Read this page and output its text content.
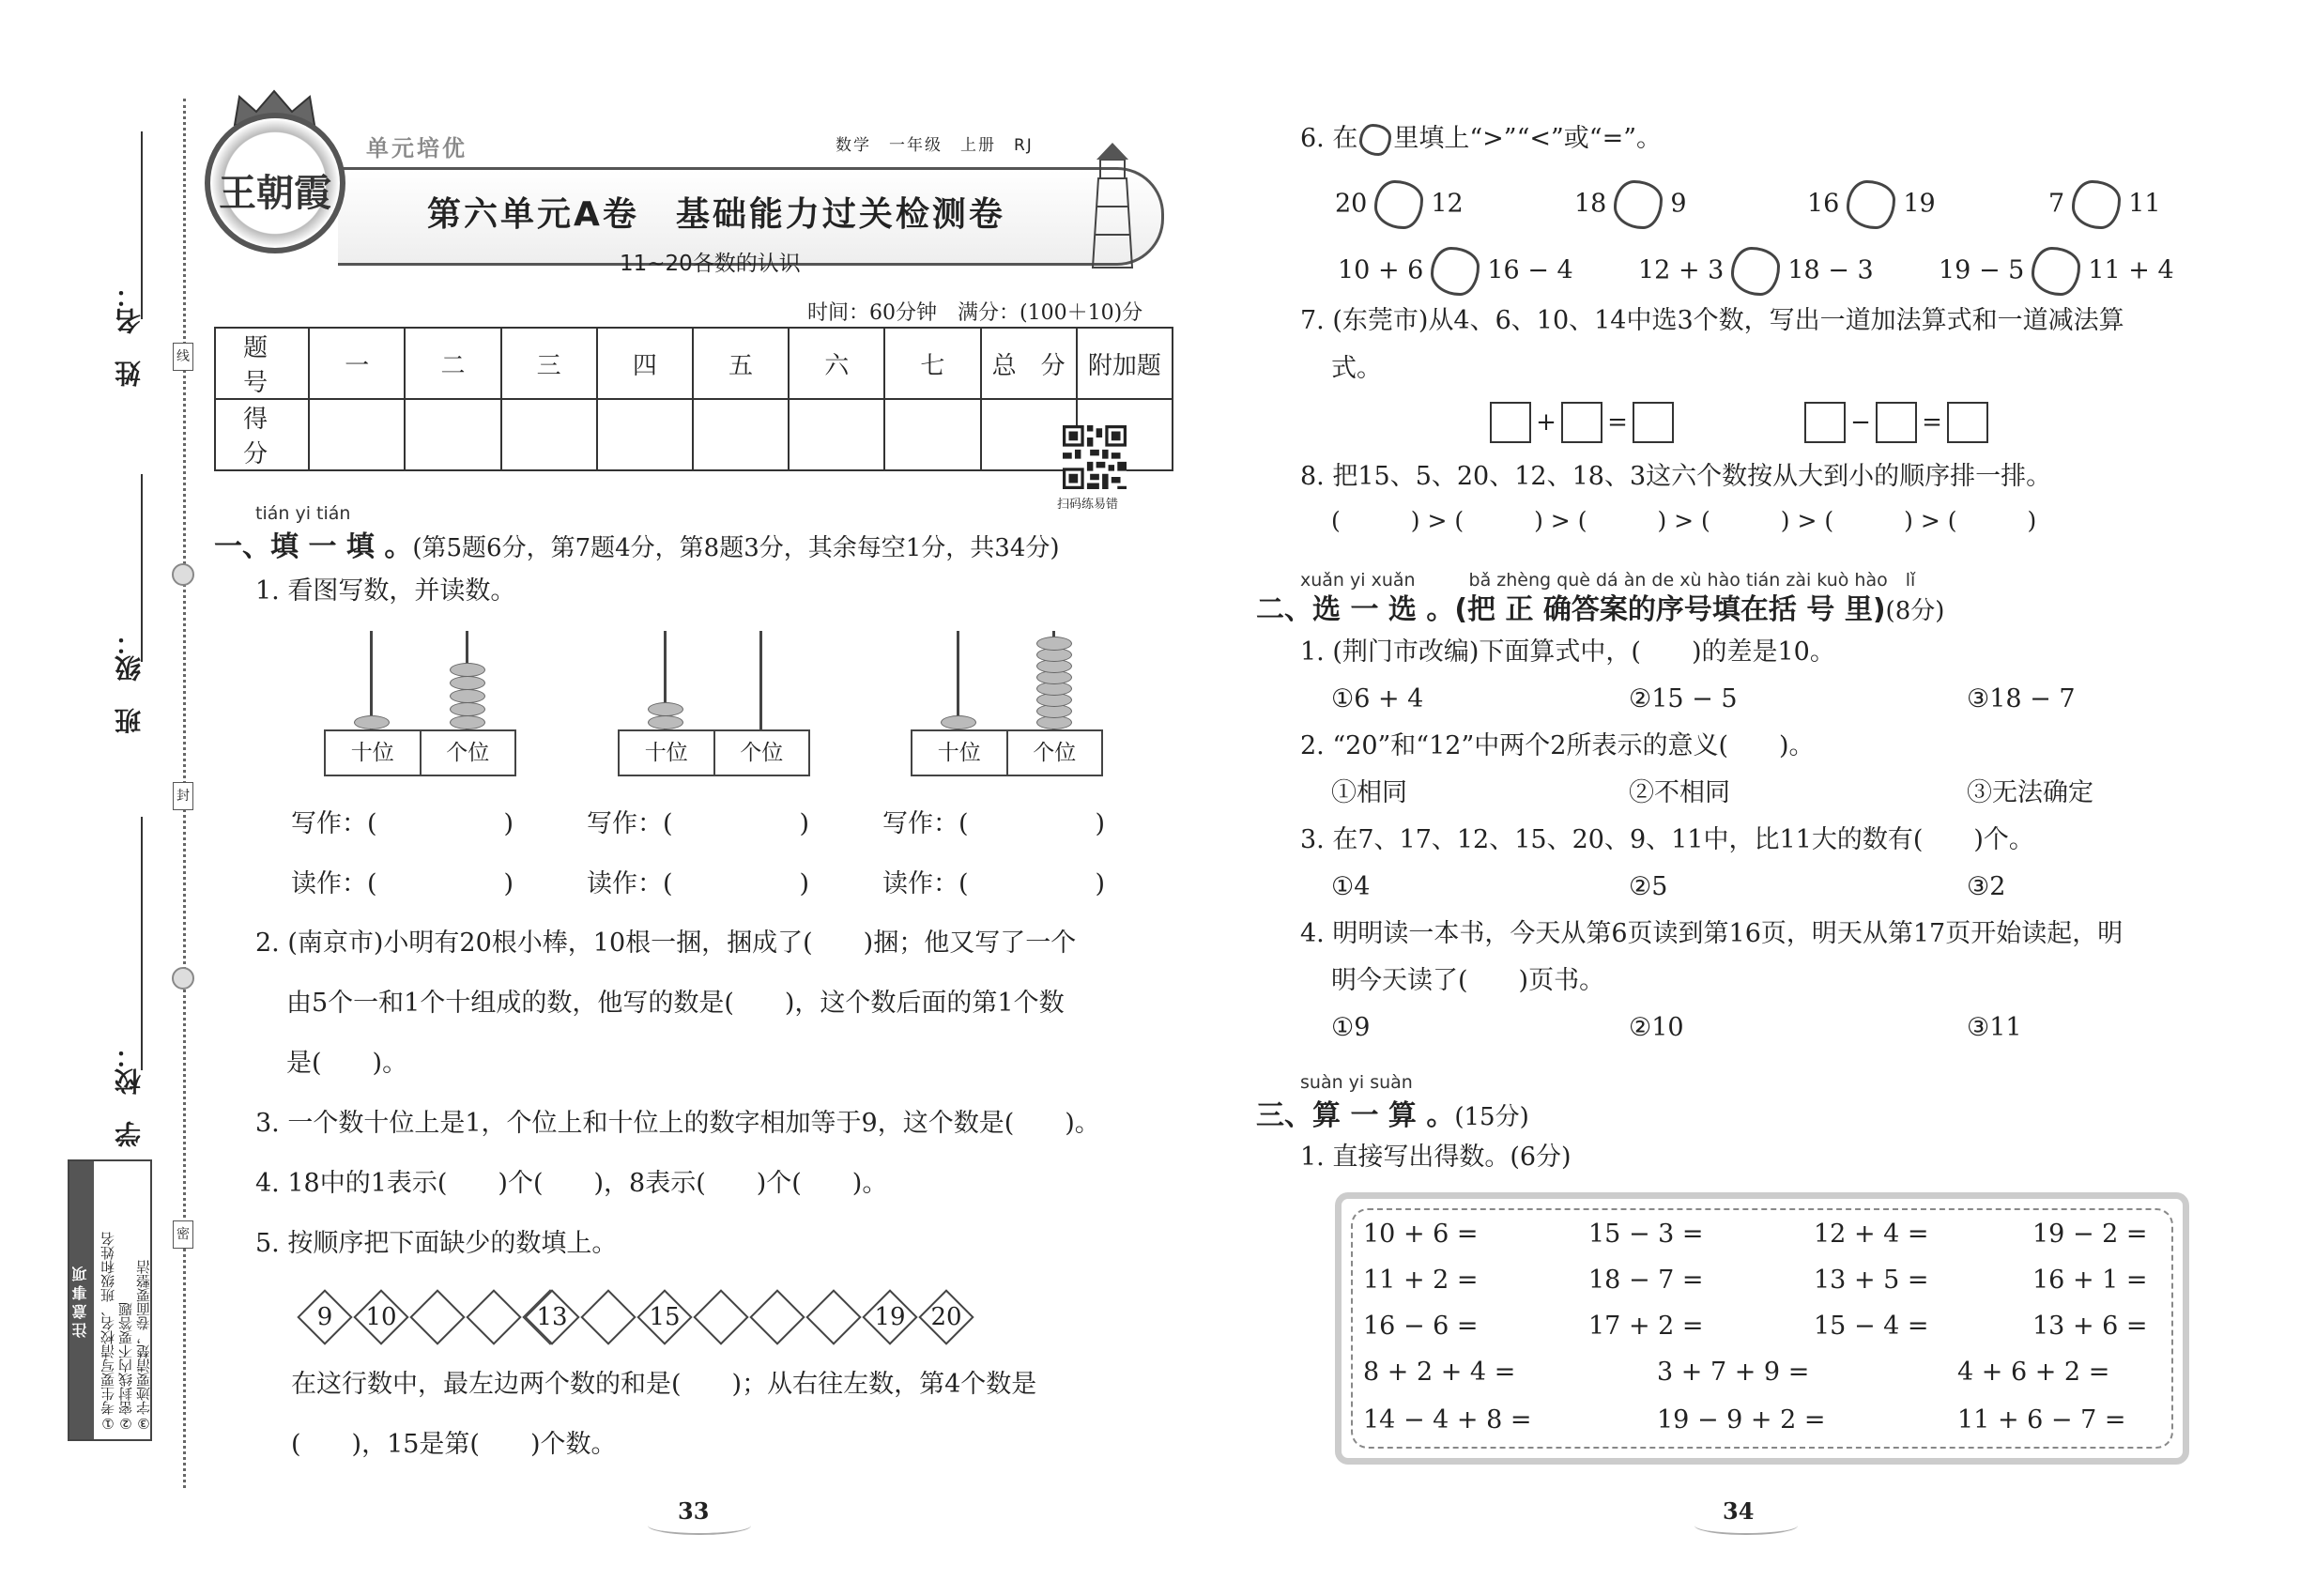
线
封
密
姓　名：
班　级：
学　校：
注意事项 ①考生要写清校名、班级和姓名 ②密封线内不要答题 ③字迹要清楚，卷面要整洁
王朝霞
单元培优	数学　一年级　上册　RJ
第六单元A卷　基础能力过关检测卷
11~20各数的认识
时间：60分钟　满分：(100＋10)分
题　号	一	二	三	四	五	六	七	总　分	附加题
得　分									
扫码练易错
tián yi tián
一、填 一 填 。(第5题6分，第7题4分，第8题3分，其余每空1分，共34分)
1. 看图写数，并读数。
十位	个位	十位	个位	十位	个位
写作：(　　　　　)	写作：(　　　　　)	写作：(　　　　　)
读作：(　　　　　)	读作：(　　　　　)	读作：(　　　　　)
2. (南京市)小明有20根小棒，10根一捆，捆成了(　　)捆；他又写了一个
由5个一和1个十组成的数，他写的数是(　　)，这个数后面的第1个数
是(　　)。
3. 一个数十位上是1，个位上和十位上的数字相加等于9，这个数是(　　)。
4. 18中的1表示(　　)个(　　)，8表示(　　)个(　　)。
5. 按顺序把下面缺少的数填上。
9	10	13	15	19	20
在这行数中，最左边两个数的和是(　　)；从右往左数，第4个数是
(　　)，15是第(　　)个数。
33
6. 在 里填上“>”“<”或“=”。
20	12	18	9	16	19	7	11
10 + 6	16 − 4	12 + 3	18 − 3	19 − 5	11 + 4
7. (东莞市)从4、6、10、14中选3个数，写出一道加法算式和一道减法算
式。
+ =	− =
8. 把15、5、20、12、18、3这六个数按从大到小的顺序排一排。
(　　　) > (　　　) > (　　　) > (　　　) > (　　　) > (　　　)
xuǎn yi xuǎn　　　bǎ zhèng què dá àn de xù hào tián zài kuò hào　lǐ
二、选 一 选 。(把 正 确答案的序号填在括 号 里)(8分)
1. (荆门市改编)下面算式中，(　　)的差是10。
①6 + 4	②15 − 5	③18 − 7
2. “20”和“12”中两个2所表示的意义(　　)。
①相同	②不相同	③无法确定
3. 在7、17、12、15、20、9、11中，比11大的数有(　　)个。
①4	②5	③2
4. 明明读一本书，今天从第6页读到第16页，明天从第17页开始读起，明
明今天读了(　　)页书。
①9	②10	③11
suàn yi suàn
三、算 一 算 。(15分)
1. 直接写出得数。(6分)
10 + 6 =	15 − 3 =	12 + 4 =	19 − 2 =
11 + 2 =	18 − 7 =	13 + 5 =	16 + 1 =
16 − 6 =	17 + 2 =	15 − 4 =	13 + 6 =
8 + 2 + 4 =	3 + 7 + 9 =	4 + 6 + 2 =
14 − 4 + 8 =	19 − 9 + 2 =	11 + 6 − 7 =
34
